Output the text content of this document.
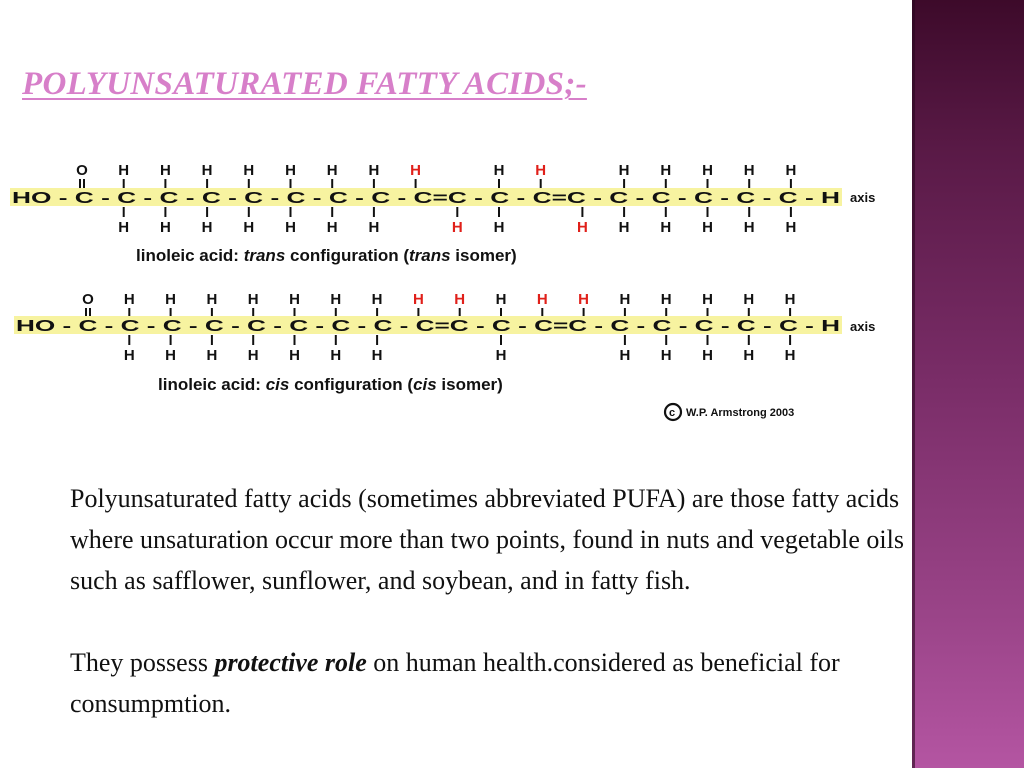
POLYUNSATURATED FATTY ACIDS;-
O H H H H H H H H	H H	H H H H H
HO - C - C - C - C - C - C - C - C - C=C - C - C=C - C - C - C - C - C - H
H H H H H H H	H H	H H H H H H
axis
linoleic acid: trans configuration (trans isomer)
O H H H H H H H H H H H H H H H H H
HO - C - C - C - C - C - C - C - C - C=C - C - C=C - C - C - C - C - C - H
H H H H H H H	H	H H H H H
axis
linoleic acid: cis configuration (cis isomer)
c W.P. Armstrong 2003

Polyunsaturated fatty acids (sometimes abbreviated PUFA) are those fatty acids where unsaturation occur more than two points, found in nuts and vegetable oils such as safflower, sunflower, and soybean, and in fatty fish.

They possess protective role on human health.considered as beneficial for consumpmtion.
